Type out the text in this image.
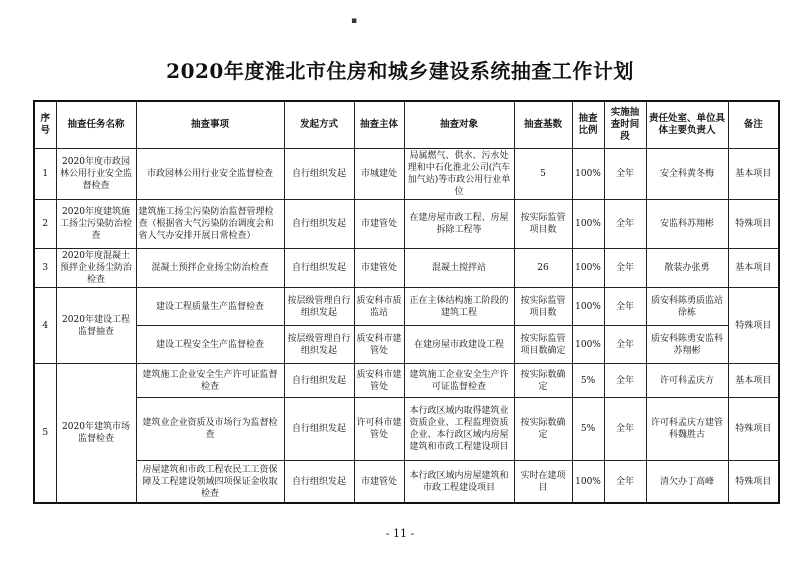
▪
2020年度淮北市住房和城乡建设系统抽查工作计划
序号	抽查任务名称	抽查事项	发起方式	抽查主体	抽查对象	抽查基数	抽查比例	实施抽查时间段	责任处室、单位具体主要负责人	备注
1	2020年度市政园林公用行业安全监督检查	市政园林公用行业安全监督检查	自行组织发起	市城建处	局属燃气、供水、污水处理和中石化淮北公司(汽车加气站)等市政公用行业单位	5	100%	全年	安全科黄冬梅	基本项目
2	2020年度建筑施工扬尘污染防治检查	建筑施工扬尘污染防治监督管理检查（根据省大气污染防治调度会和省人气办安排开展日常检查）	自行组织发起	市建管处	在建房屋市政工程、房屋拆除工程等	按实际监管项目数	100%	全年	安监科苏翔彬	特殊项目
3	2020年度混凝土预拌企业扬尘防治检查	混凝土预拌企业扬尘防治检查	自行组织发起	市建管处	混凝土搅拌站	26	100%	全年	散装办张勇	基本项目
4	2020年建设工程监督抽查	建设工程质量生产监督检查	按层级管理自行组织发起	质安科市质监站	正在主体结构施工阶段的建筑工程	按实际监管项目数	100%	全年	质安科陈勇质监站徐栋	特殊项目
		建设工程安全生产监督检查	按层级管理自行组织发起	质安科市建管处	在建房屋市政建设工程	按实际监管项目数确定	100%	全年	质安科陈勇安监科苏翔彬	
5	2020年建筑市场监督检查	建筑施工企业安全生产许可证监督检查	自行组织发起	质安科市建管处	建筑施工企业安全生产许可证监督检查	按实际数确定	5%	全年	许可科孟庆方	基本项目
		建筑业企业资质及市场行为监督检查	自行组织发起	许可科市建管处	本行政区域内取得建筑业资质企业、工程监理资质企业、本行政区域内房屋建筑和市政工程建设项目	按实际数确定	5%	全年	许可科孟庆方建管科魏胜古	特殊项目
		房屋建筑和市政工程农民工工资保障及工程建设领域四项保证金收取检查	自行组织发起	市建管处	本行政区域内房屋建筑和市政工程建设项目	实时在建项目	100%	全年	清欠办丁高峰	特殊项目
- 11 -
